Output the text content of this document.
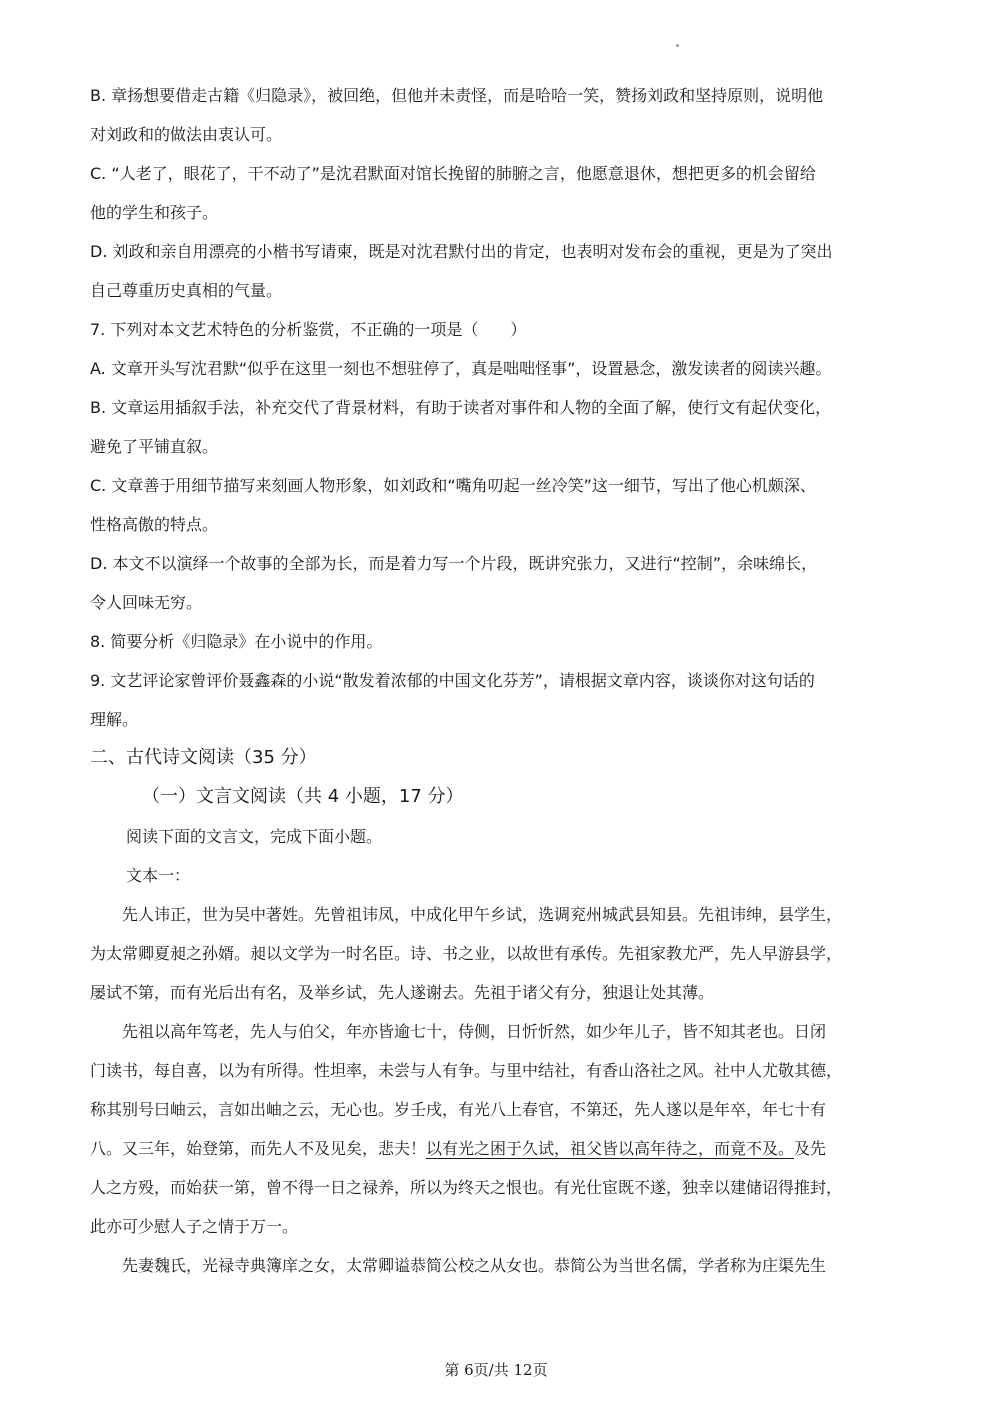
B. 章扬想要借走古籍《归隐录》，被回绝，但他并未责怪，而是哈哈一笑，赞扬刘政和坚持原则，说明他
对刘政和的做法由衷认可。
C. “人老了，眼花了，干不动了”是沈君默面对馆长挽留的肺腑之言，他愿意退休，想把更多的机会留给
他的学生和孩子。
D. 刘政和亲自用漂亮的小楷书写请柬，既是对沈君默付出的肯定，也表明对发布会的重视，更是为了突出
自己尊重历史真相的气量。
7. 下列对本文艺术特色的分析鉴赏，不正确的一项是（　　）
A. 文章开头写沈君默“似乎在这里一刻也不想驻停了，真是咄咄怪事”，设置悬念，激发读者的阅读兴趣。
B. 文章运用插叙手法，补充交代了背景材料，有助于读者对事件和人物的全面了解，使行文有起伏变化，
避免了平铺直叙。
C. 文章善于用细节描写来刻画人物形象，如刘政和“嘴角叨起一丝冷笑”这一细节，写出了他心机颇深、
性格高傲的特点。
D. 本文不以演绎一个故事的全部为长，而是着力写一个片段，既讲究张力，又进行“控制”，余味绵长，
令人回味无穷。
8. 简要分析《归隐录》在小说中的作用。
9. 文艺评论家曾评价聂鑫森的小说“散发着浓郁的中国文化芬芳”，请根据文章内容，谈谈你对这句话的
理解。
二、古代诗文阅读（35 分）
（一）文言文阅读（共 4 小题，17 分）
阅读下面的文言文，完成下面小题。
文本一：
先人讳正，世为吴中著姓。先曾祖讳凤，中成化甲午乡试，选调兖州城武县知县。先祖讳绅，县学生，
为太常卿夏昶之孙婿。昶以文学为一时名臣。诗、书之业，以故世有承传。先祖家教尤严，先人早游县学，
屡试不第，而有光后出有名，及举乡试，先人遂谢去。先祖于诸父有分，独退让处其薄。
先祖以高年笃老，先人与伯父，年亦皆逾七十，侍侧，日忻忻然，如少年儿子，皆不知其老也。日闭
门读书，每自喜，以为有所得。性坦率，未尝与人有争。与里中结社，有香山洛社之风。社中人尤敬其德，
称其别号曰岫云，言如出岫之云，无心也。岁壬戌，有光八上春官，不第还，先人遂以是年卒，年七十有
八。又三年，始登第，而先人不及见矣，悲夫！以有光之困于久试，祖父皆以高年待之，而竟不及。及先
人之方殁，而始获一第，曾不得一日之禄养，所以为终天之恨也。有光仕宦既不遂，独幸以建储诏得推封，
此亦可少慰人子之情于万一。
先妻魏氏，光禄寺典簿庠之女，太常卿谥恭简公校之从女也。恭简公为当世名儒，学者称为庄渠先生
第 6页/共 12页
